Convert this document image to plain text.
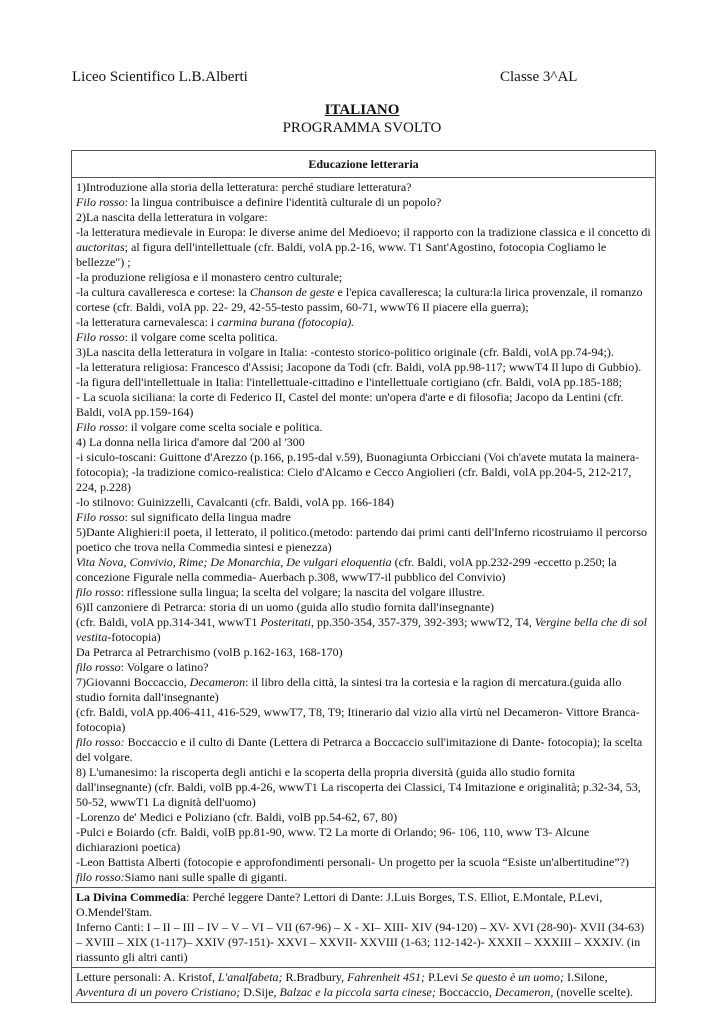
Liceo Scientifico L.B.Alberti	Classe 3^AL
ITALIANO
PROGRAMMA SVOLTO
Educazione letteraria

1)Introduzione alla storia della letteratura: perché studiare letteratura?

Filo rosso: la lingua contribuisce a definire l'identità culturale di un popolo?

2)La nascita della letteratura in volgare:

-la letteratura medievale in Europa: le diverse anime del Medioevo; il rapporto con la tradizione classica e il concetto di auctoritas; al figura dell'intellettuale (cfr. Baldi, volA pp.2-16, www. T1 Sant'Agostino, fotocopia Cogliamo le bellezze") ;

-la produzione religiosa e il monastero centro culturale;

-la cultura cavalleresca e cortese: la Chanson de geste e l'epica cavalleresca; la cultura:la lirica provenzale, il romanzo cortese (cfr. Baldi, volA pp. 22- 29, 42-55-testo passim, 60-71, wwwT6 Il piacere ella guerra);

-la letteratura carnevalesca: i carmina burana (fotocopia).

Filo rosso: il volgare come scelta politica.

3)La nascita della letteratura in volgare in Italia: -contesto storico-politico originale (cfr. Baldi, volA pp.74-94;).

-la letteratura religiosa: Francesco d'Assisi; Jacopone da Todi (cfr. Baldi, volA pp.98-117; wwwT4 Il lupo di Gubbio).

-la figura dell'intellettuale in Italia: l'intellettuale-cittadino e l'intellettuale cortigiano (cfr. Baldi, volA pp.185-188;

- La scuola siciliana: la corte di Federico II, Castel del monte: un'opera d'arte e di filosofia; Jacopo da Lentini (cfr. Baldi, volA pp.159-164)

Filo rosso: il volgare come scelta sociale e politica.

4) La donna nella lirica d'amore dal '200 al '300

-i siculo-toscani: Guittone d'Arezzo (p.166, p.195-dal v.59), Buonagiunta Orbicciani (Voi ch'avete mutata la mainera-fotocopia); -la tradizione comico-realistica: Cielo d'Alcamo e Cecco Angiolieri (cfr. Baldi, volA pp.204-5, 212-217, 224, p.228)

-lo stilnovo: Guinizzelli, Cavalcanti (cfr. Baldi, volA pp. 166-184)

Filo rosso: sul significato della lingua madre

5)Dante Alighieri:il poeta, il letterato, il politico.(metodo: partendo dai primi canti dell'Inferno ricostruiamo il percorso poetico che trova nella Commedia sintesi e pienezza)

Vita Nova, Convivio, Rime; De Monarchia, De vulgari eloquentia (cfr. Baldi, volA pp.232-299 -eccetto p.250; la concezione Figurale nella commedia- Auerbach p.308, wwwT7-il pubblico del Convivio)

filo rosso: riflessione sulla lingua; la scelta del volgare; la nascita del volgare illustre.

6)Il canzoniere di Petrarca: storia di un uomo (guida allo studio fornita dall'insegnante)

(cfr. Baldi, volA pp.314-341, wwwT1 Posteritati, pp.350-354, 357-379, 392-393; wwwT2, T4, Vergine bella che di sol vestita-fotocopia)

Da Petrarca al Petrarchismo (volB p.162-163, 168-170)

filo rosso: Volgare o latino?

7)Giovanni Boccaccio, Decameron: il libro della città, la sintesi tra la cortesia e la ragion di mercatura.(guida allo studio fornita dall'insegnante)

(cfr. Baldi, volA pp.406-411, 416-529, wwwT7, T8, T9; Itinerario dal vizio alla virtù nel Decameron- Vittore Branca-fotocopia)

filo rosso: Boccaccio e il culto di Dante (Lettera di Petrarca a Boccaccio sull'imitazione di Dante- fotocopia); la scelta del volgare.

8) L'umanesimo: la riscoperta degli antichi e la scoperta della propria diversità (guida allo studio fornita dall'insegnante) (cfr. Baldi, volB pp.4-26, wwwT1 La riscoperta dei Classici, T4 Imitazione e originalità; p.32-34, 53, 50-52, wwwT1 La dignità dell'uomo)

-Lorenzo de' Medici e Poliziano (cfr. Baldi, volB pp.54-62, 67, 80)

-Pulci e Boiardo (cfr. Baldi, volB pp.81-90, www. T2 La morte di Orlando; 96- 106, 110, www T3- Alcune dichiarazioni poetica)

-Leon Battista Alberti (fotocopie e approfondimenti personali- Un progetto per la scuola “Esiste un'albertitudine”?)

filo rosso:Siamo nani sulle spalle di giganti.

La Divina Commedia: Perché leggere Dante? Lettori di Dante: J.Luis Borges, T.S. Elliot, E.Montale, P.Levi, O.Mendel'štam.

Inferno Canti: I – II – III – IV – V – VI – VII (67-96) – X - XI– XIII- XIV (94-120) – XV- XVI (28-90)- XVII (34-63) – XVIII – XIX (1-117)– XXIV (97-151)- XXVI – XXVII- XXVIII (1-63; 112-142-)- XXXII – XXXIII – XXXIV. (in riassunto gli altri canti)

Letture personali: A. Kristof, L'analfabeta; R.Bradbury, Fahrenheit 451; P.Levi Se questo è un uomo; I.Silone, Avventura di un povero Cristiano; D.Sije, Balzac e la piccola sarta cinese; Boccaccio, Decameron, (novelle scelte).
